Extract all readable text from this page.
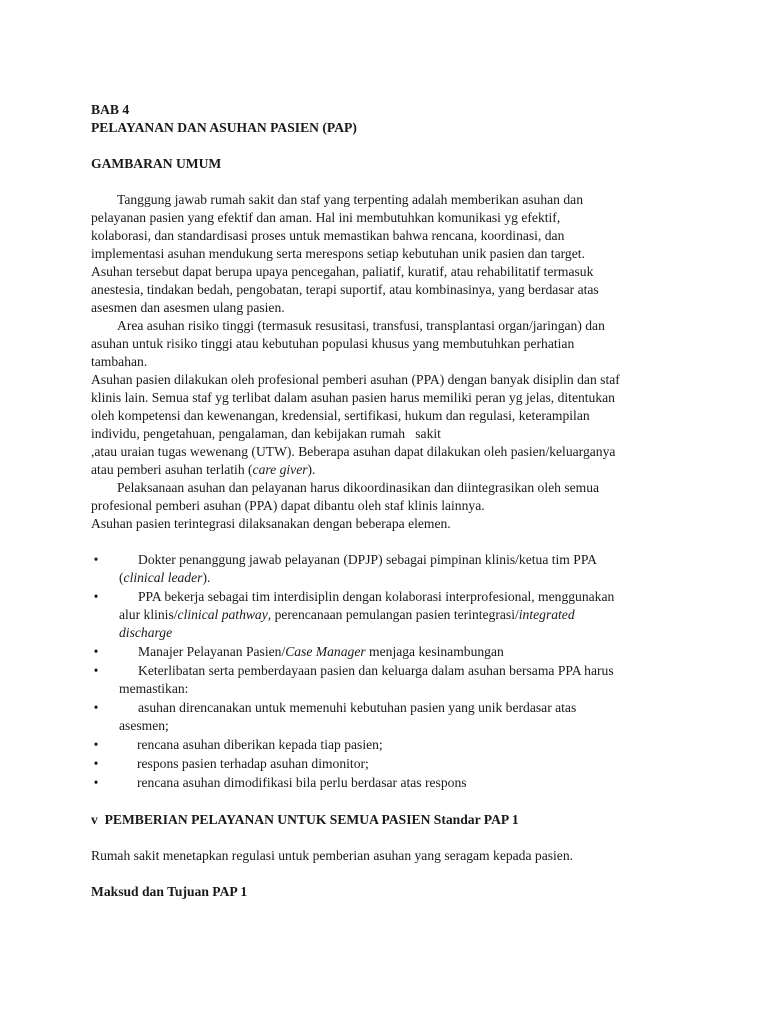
BAB 4
PELAYANAN DAN ASUHAN PASIEN (PAP)
GAMBARAN UMUM
Tanggung jawab rumah sakit dan staf yang terpenting adalah memberikan asuhan dan
pelayanan pasien yang efektif dan aman. Hal ini membutuhkan komunikasi yg efektif,
kolaborasi, dan standardisasi proses untuk memastikan bahwa rencana, koordinasi, dan
implementasi asuhan mendukung serta merespons setiap kebutuhan unik pasien dan target.
Asuhan tersebut dapat berupa upaya pencegahan, paliatif, kuratif, atau rehabilitatif termasuk
anestesia, tindakan bedah, pengobatan, terapi suportif, atau kombinasinya, yang berdasar atas
asesmen dan asesmen ulang pasien.
Area asuhan risiko tinggi (termasuk resusitasi, transfusi, transplantasi organ/jaringan) dan
asuhan untuk risiko tinggi atau kebutuhan populasi khusus yang membutuhkan perhatian
tambahan.
Asuhan pasien dilakukan oleh profesional pemberi asuhan (PPA) dengan banyak disiplin dan staf
klinis lain. Semua staf yg terlibat dalam asuhan pasien harus memiliki peran yg jelas, ditentukan
oleh kompetensi dan kewenangan, kredensial, sertifikasi, hukum dan regulasi, keterampilan
individu, pengetahuan, pengalaman, dan kebijakan rumah   sakit
,atau uraian tugas wewenang (UTW). Beberapa asuhan dapat dilakukan oleh pasien/keluarganya
atau pemberi asuhan terlatih (care giver).
Pelaksanaan asuhan dan pelayanan harus dikoordinasikan dan diintegrasikan oleh semua
profesional pemberi asuhan (PPA) dapat dibantu oleh staf klinis lainnya.
Asuhan pasien terintegrasi dilaksanakan dengan beberapa elemen.
•	Dokter penanggung jawab pelayanan (DPJP) sebagai pimpinan klinis/ketua tim PPA
(clinical leader).
•	PPA bekerja sebagai tim interdisiplin dengan kolaborasi interprofesional, menggunakan
alur klinis/clinical pathway, perencanaan pemulangan pasien terintegrasi/integrated
discharge
•	Manajer Pelayanan Pasien/Case Manager menjaga kesinambungan
•	Keterlibatan serta pemberdayaan pasien dan keluarga dalam asuhan bersama PPA harus
memastikan:
•	asuhan direncanakan untuk memenuhi kebutuhan pasien yang unik berdasar atas
asesmen;
•	rencana asuhan diberikan kepada tiap pasien;
•	respons pasien terhadap asuhan dimonitor;
•	rencana asuhan dimodifikasi bila perlu berdasar atas respons
v PEMBERIAN PELAYANAN UNTUK SEMUA PASIEN Standar PAP 1
Rumah sakit menetapkan regulasi untuk pemberian asuhan yang seragam kepada pasien.
Maksud dan Tujuan PAP 1
